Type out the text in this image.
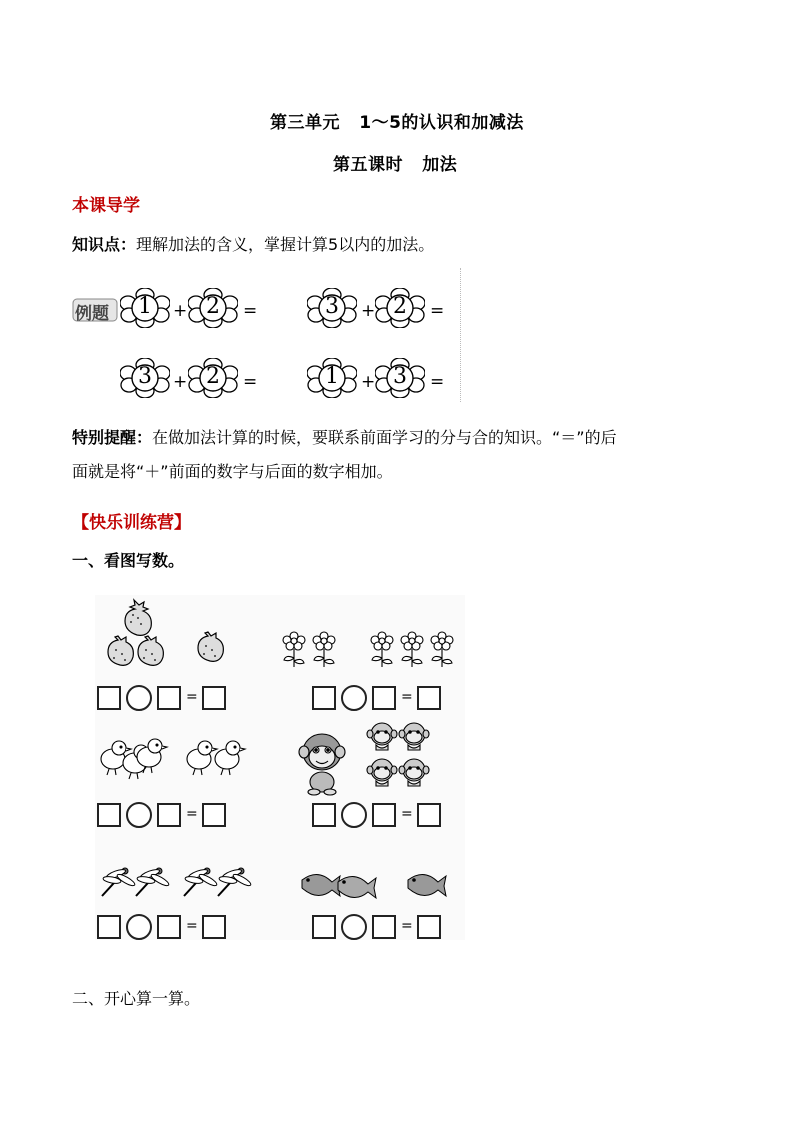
第三单元   1～5的认识和加减法
第五课时   加法
本课导学
知识点：理解加法的含义，掌握计算5以内的加法。
例题	1	+ 2	=	3	+ 2	=
3	+ 2	=	1	+ 3	=
特别提醒：在做加法计算的时候，要联系前面学习的分与合的知识。“＝”的后
面就是将“＋”前面的数字与后面的数字相加。
【快乐训练营】
一、看图写数。
=	=
=	=
=	=
二、开心算一算。
